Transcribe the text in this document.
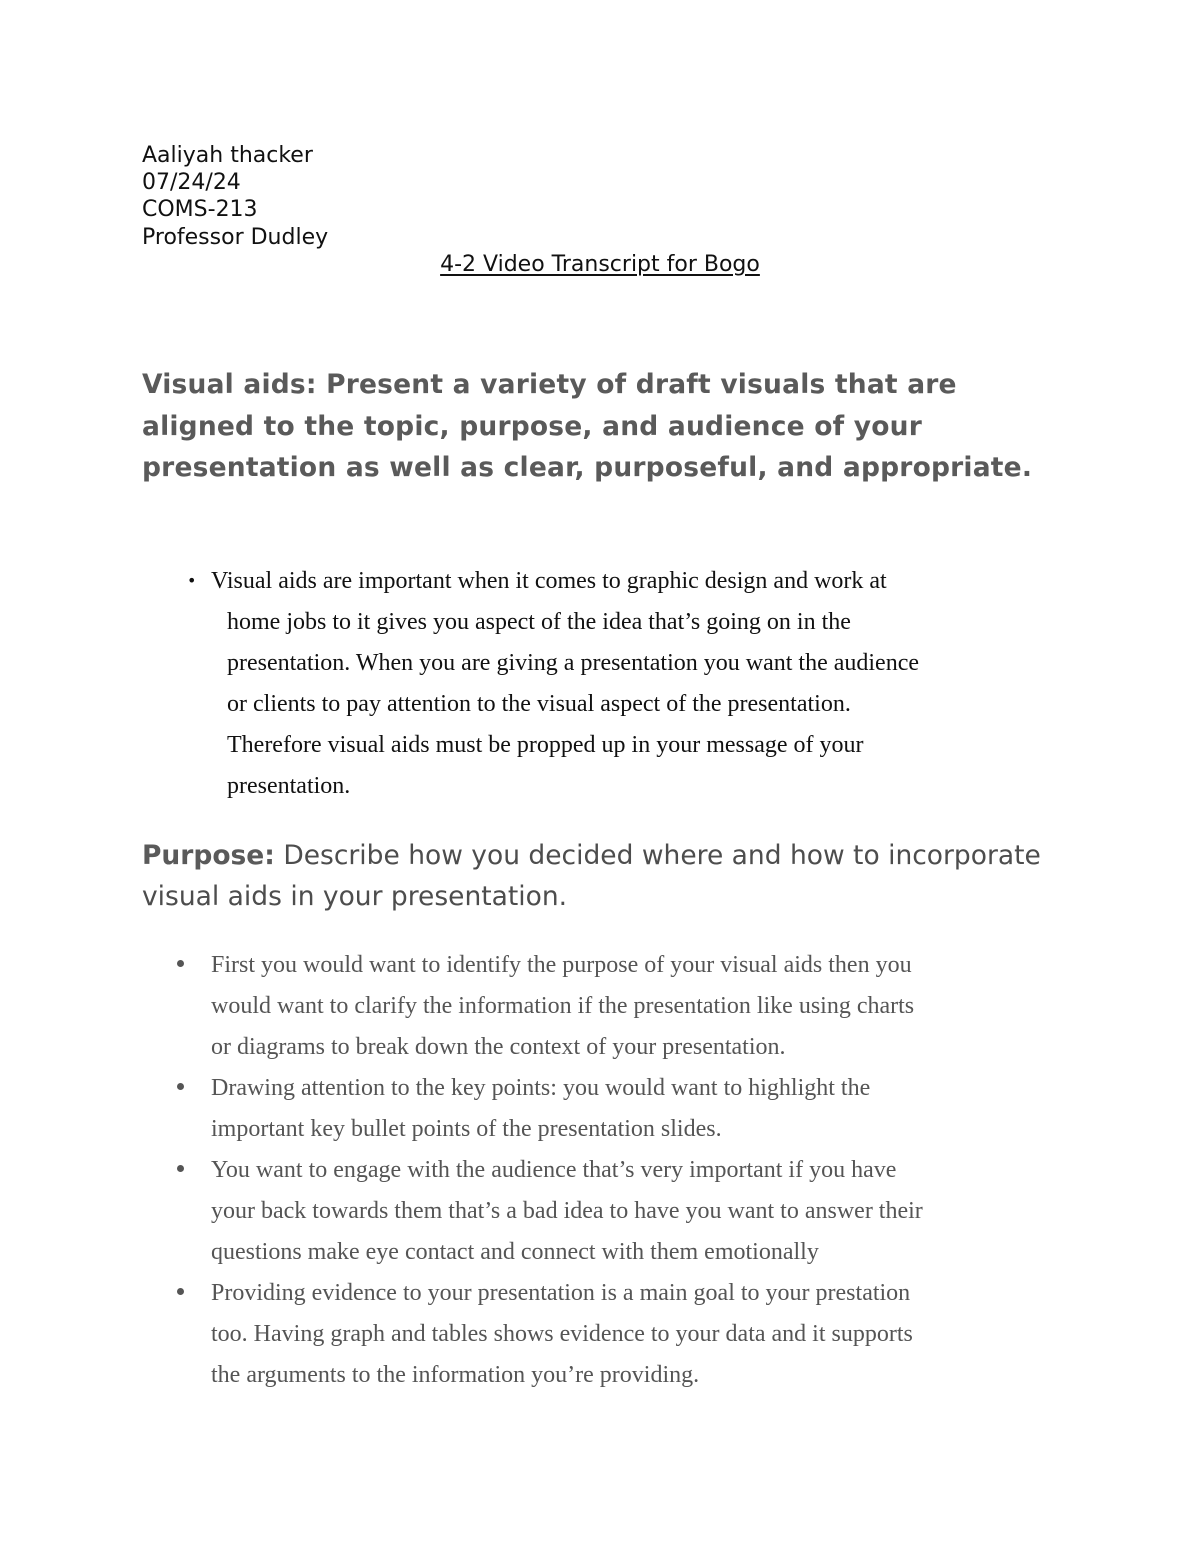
Aaliyah thacker
07/24/24
COMS-213
Professor Dudley
4-2 Video Transcript for Bogo
Visual aids: Present a variety of draft visuals that are aligned to the topic, purpose, and audience of your presentation as well as clear, purposeful, and appropriate.
• Visual aids are important when it comes to graphic design and work at
home jobs to it gives you aspect of the idea that’s going on in the
presentation. When you are giving a presentation you want the audience
or clients to pay attention to the visual aspect of the presentation.
Therefore visual aids must be propped up in your message of your
presentation.
Purpose: Describe how you decided where and how to incorporate visual aids in your presentation.
First you would want to identify the purpose of your visual aids then you
would want to clarify the information if the presentation like using charts
or diagrams to break down the context of your presentation.
Drawing attention to the key points: you would want to highlight the
important key bullet points of the presentation slides.
You want to engage with the audience that’s very important if you have
your back towards them that’s a bad idea to have you want to answer their
questions make eye contact and connect with them emotionally
Providing evidence to your presentation is a main goal to your prestation
too. Having graph and tables shows evidence to your data and it supports
the arguments to the information you’re providing.
